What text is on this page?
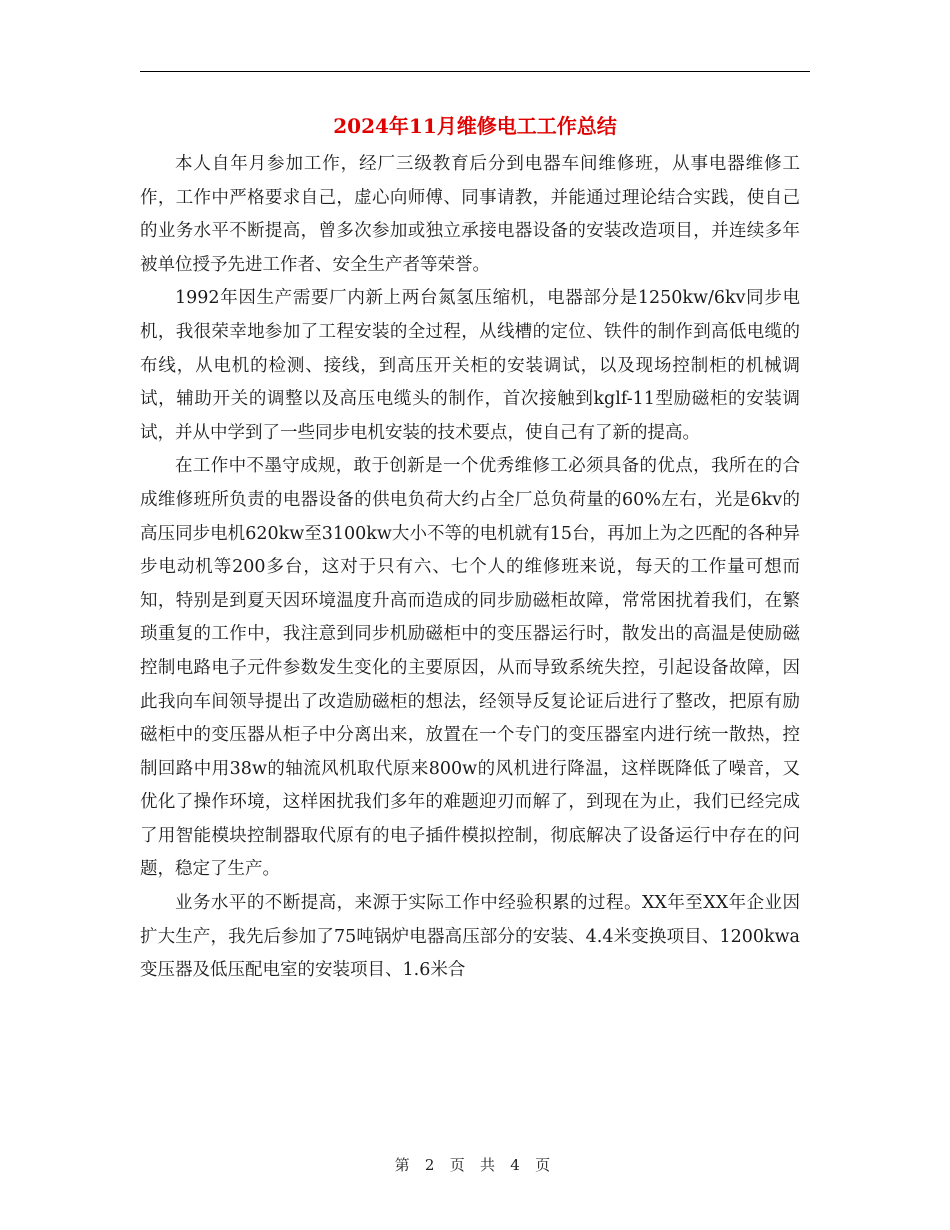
2024年11月维修电工工作总结

本人自年月参加工作，经厂三级教育后分到电器车间维修班，从事电器维修工作，工作中严格要求自己，虚心向师傅、同事请教，并能通过理论结合实践，使自己的业务水平不断提高，曾多次参加或独立承接电器设备的安装改造项目，并连续多年被单位授予先进工作者、安全生产者等荣誉。

1992年因生产需要厂内新上两台氮氢压缩机，电器部分是1250kw/6kv同步电机，我很荣幸地参加了工程安装的全过程，从线槽的定位、铁件的制作到高低电缆的布线，从电机的检测、接线，到高压开关柜的安装调试，以及现场控制柜的机械调试，辅助开关的调整以及高压电缆头的制作，首次接触到kglf-11型励磁柜的安装调试，并从中学到了一些同步电机安装的技术要点，使自己有了新的提高。

在工作中不墨守成规，敢于创新是一个优秀维修工必须具备的优点，我所在的合成维修班所负责的电器设备的供电负荷大约占全厂总负荷量的60%左右，光是6kv的高压同步电机620kw至3100kw大小不等的电机就有15台，再加上为之匹配的各种异步电动机等200多台，这对于只有六、七个人的维修班来说，每天的工作量可想而知，特别是到夏天因环境温度升高而造成的同步励磁柜故障，常常困扰着我们，在繁琐重复的工作中，我注意到同步机励磁柜中的变压器运行时，散发出的高温是使励磁控制电路电子元件参数发生变化的主要原因，从而导致系统失控，引起设备故障，因此我向车间领导提出了改造励磁柜的想法，经领导反复论证后进行了整改，把原有励磁柜中的变压器从柜子中分离出来，放置在一个专门的变压器室内进行统一散热，控制回路中用38w的轴流风机取代原来800w的风机进行降温，这样既降低了噪音，又优化了操作环境，这样困扰我们多年的难题迎刃而解了，到现在为止，我们已经完成了用智能模块控制器取代原有的电子插件模拟控制，彻底解决了设备运行中存在的问题，稳定了生产。

业务水平的不断提高，来源于实际工作中经验积累的过程。XX年至XX年企业因扩大生产，我先后参加了75吨锅炉电器高压部分的安装、4.4米变换项目、1200kwa变压器及低压配电室的安装项目、1.6米合

第 2 页 共 4 页
